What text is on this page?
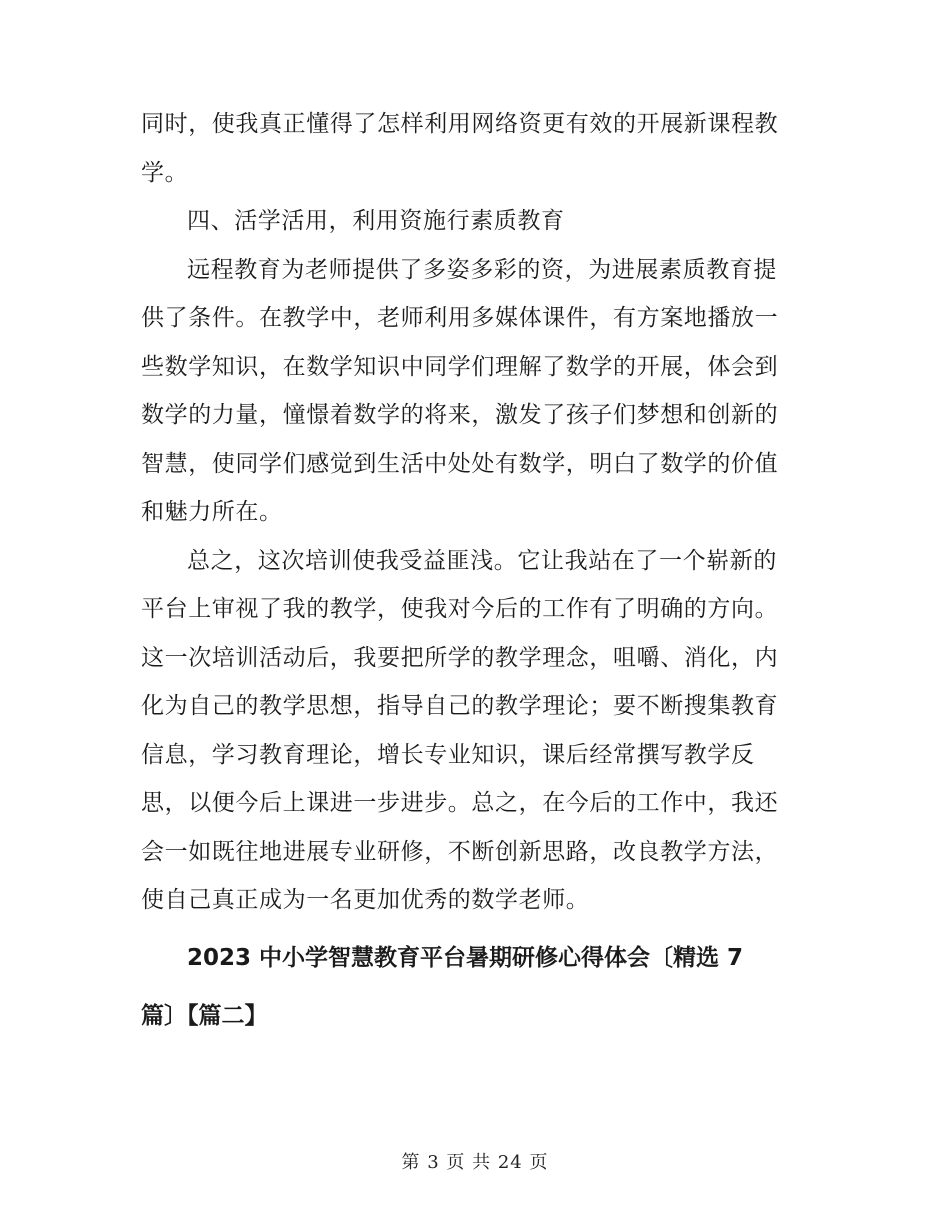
同时，使我真正懂得了怎样利用网络资更有效的开展新课程教
学。
四、活学活用，利用资施行素质教育
远程教育为老师提供了多姿多彩的资，为进展素质教育提
供了条件。在教学中，老师利用多媒体课件，有方案地播放一
些数学知识，在数学知识中同学们理解了数学的开展，体会到
数学的力量，憧憬着数学的将来，激发了孩子们梦想和创新的
智慧，使同学们感觉到生活中处处有数学，明白了数学的价值
和魅力所在。
总之，这次培训使我受益匪浅。它让我站在了一个崭新的
平台上审视了我的教学，使我对今后的工作有了明确的方向。
这一次培训活动后，我要把所学的教学理念，咀嚼、消化，内
化为自己的教学思想，指导自己的教学理论；要不断搜集教育
信息，学习教育理论，增长专业知识，课后经常撰写教学反
思，以便今后上课进一步进步。总之，在今后的工作中，我还
会一如既往地进展专业研修，不断创新思路，改良教学方法，
使自己真正成为一名更加优秀的数学老师。
2023 中小学智慧教育平台暑期研修心得体会〔精选 7
篇〕【篇二】
第 3 页 共 24 页
